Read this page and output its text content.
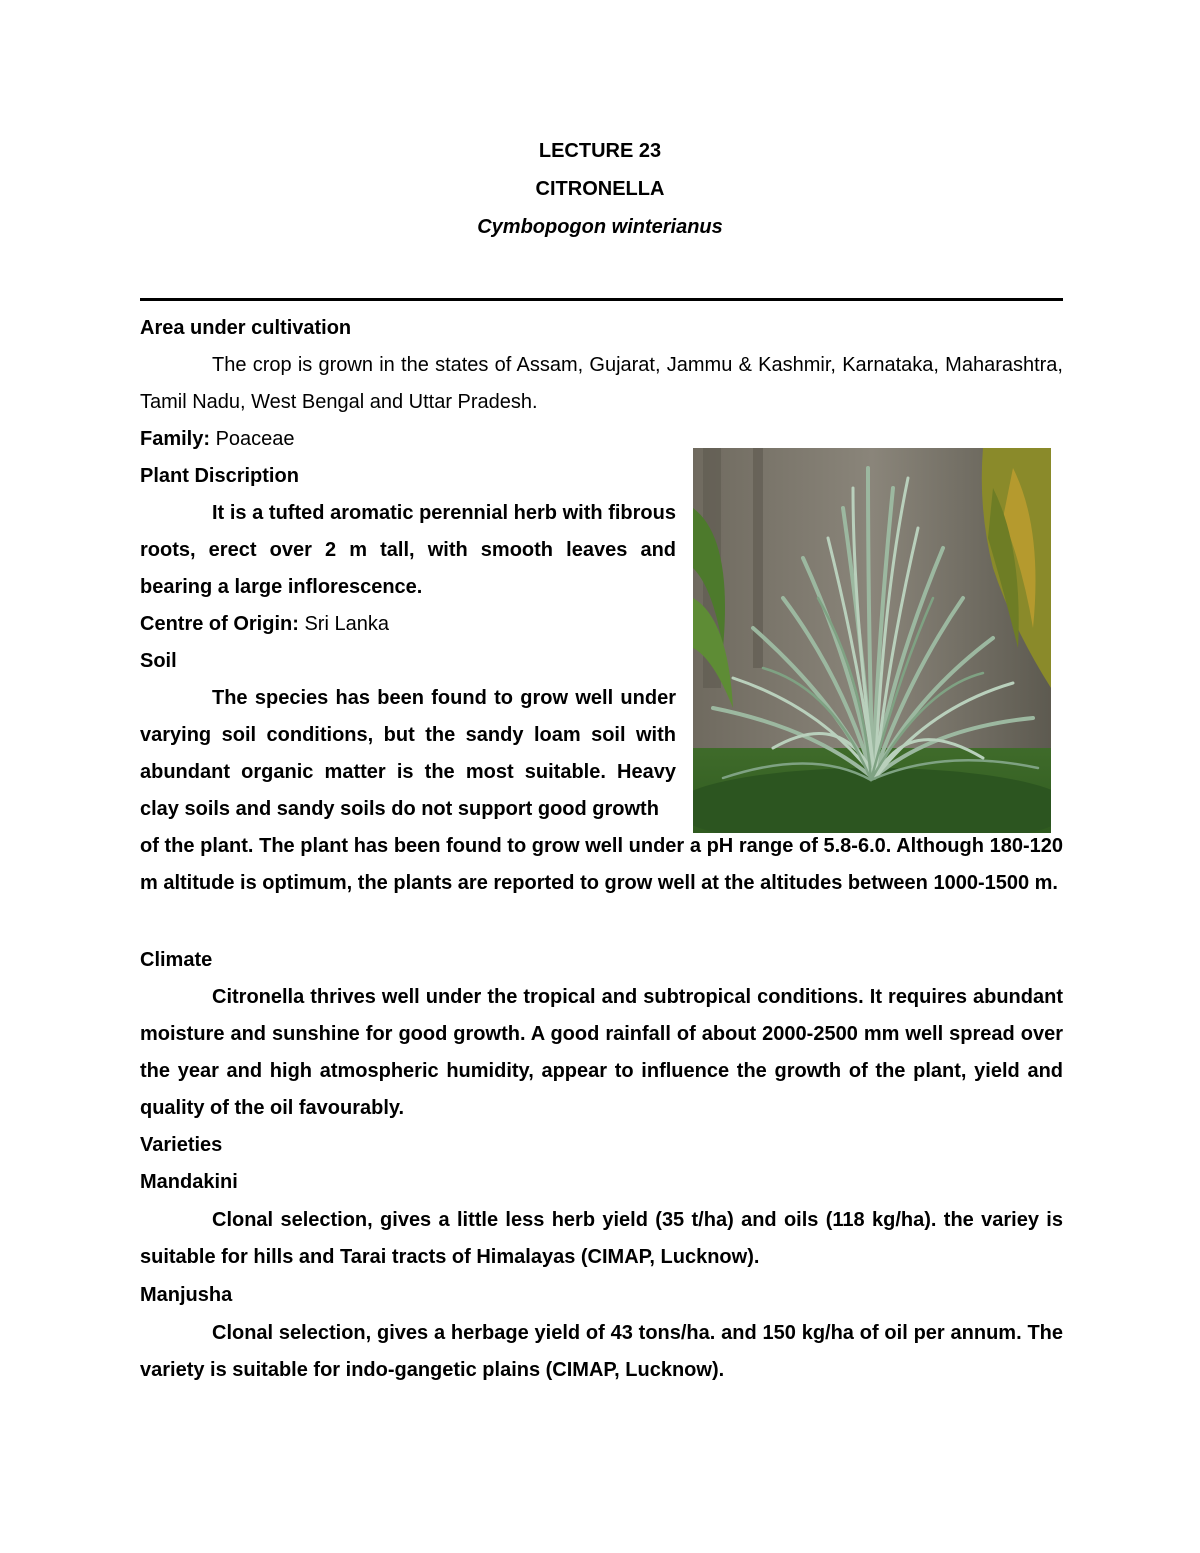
LECTURE 23
CITRONELLA
Cymbopogon winterianus
Area under cultivation

The crop is grown in the states of Assam, Gujarat, Jammu & Kashmir, Karnataka, Maharashtra, Tamil Nadu, West Bengal and Uttar Pradesh.

Family: Poaceae
Plant Discription

It is a tufted aromatic perennial herb with fibrous roots, erect over 2 m tall, with smooth leaves and bearing a large inflorescence.

Centre of Origin: Sri Lanka
Soil

The species has been found to grow well under varying soil conditions, but the sandy loam soil with abundant organic matter is the most suitable. Heavy clay soils and sandy soils do not support good growth

of the plant. The plant has been found to grow well under a pH range of 5.8-6.0. Although 180-120 m altitude is optimum, the plants are reported to grow well at the altitudes between 1000-1500 m.
Climate

Citronella thrives well under the tropical and subtropical conditions. It requires abundant moisture and sunshine for good growth. A good rainfall of about 2000-2500 mm well spread over the year and high atmospheric humidity, appear to influence the growth of the plant, yield and quality of the oil favourably.

Varieties
Mandakini

Clonal selection, gives a little less herb yield (35 t/ha) and oils (118 kg/ha). the variey is suitable for hills and Tarai tracts of Himalayas (CIMAP, Lucknow).

Manjusha

Clonal selection, gives a herbage yield of 43 tons/ha. and 150 kg/ha of oil per annum. The variety is suitable for indo-gangetic plains (CIMAP, Lucknow).
